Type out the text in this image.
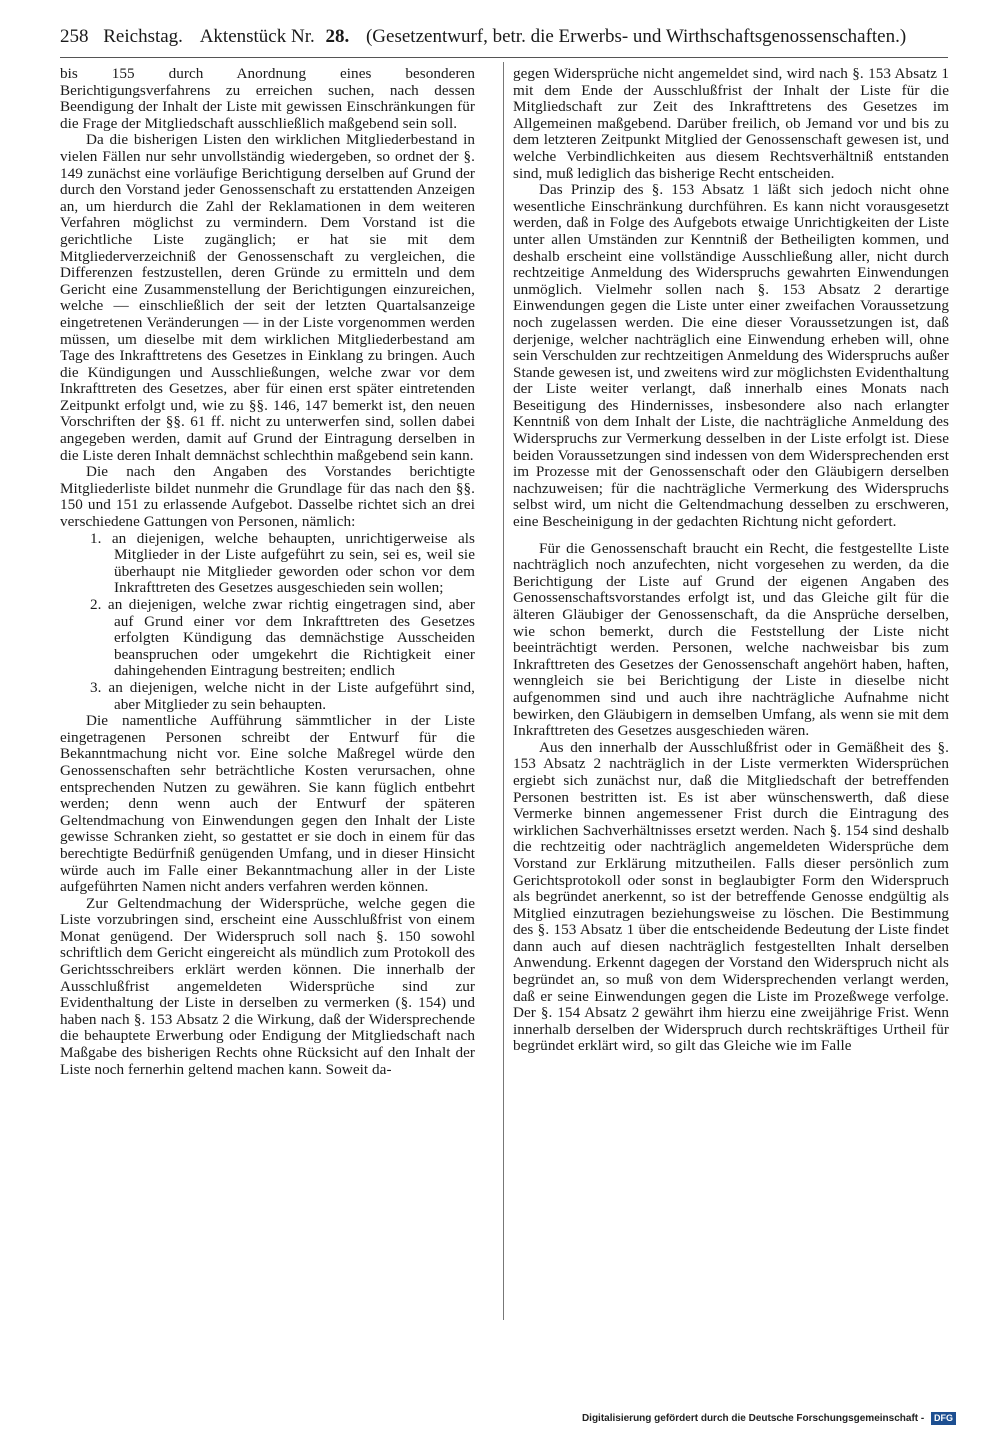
258 Reichstag. Aktenstück Nr. 28. (Gesetzentwurf, betr. die Erwerbs- und Wirthschaftsgenossenschaften.)

bis 155 durch Anordnung eines besonderen Berichtigungsverfahrens zu erreichen suchen, nach dessen Beendigung der Inhalt der Liste mit gewissen Einschränkungen für die Frage der Mitgliedschaft ausschließlich maßgebend sein soll.

Da die bisherigen Listen den wirklichen Mitgliederbestand in vielen Fällen nur sehr unvollständig wiedergeben, so ordnet der §. 149 zunächst eine vorläufige Berichtigung derselben auf Grund der durch den Vorstand jeder Genossenschaft zu erstattenden Anzeigen an, um hierdurch die Zahl der Reklamationen in dem weiteren Verfahren möglichst zu vermindern. Dem Vorstand ist die gerichtliche Liste zugänglich; er hat sie mit dem Mitgliederverzeichniß der Genossenschaft zu vergleichen, die Differenzen festzustellen, deren Gründe zu ermitteln und dem Gericht eine Zusammenstellung der Berichtigungen einzureichen, welche — einschließlich der seit der letzten Quartalsanzeige eingetretenen Veränderungen — in der Liste vorgenommen werden müssen, um dieselbe mit dem wirklichen Mitgliederbestand am Tage des Inkrafttretens des Gesetzes in Einklang zu bringen. Auch die Kündigungen und Ausschließungen, welche zwar vor dem Inkrafttreten des Gesetzes, aber für einen erst später eintretenden Zeitpunkt erfolgt und, wie zu §§. 146, 147 bemerkt ist, den neuen Vorschriften der §§. 61 ff. nicht zu unterwerfen sind, sollen dabei angegeben werden, damit auf Grund der Eintragung derselben in die Liste deren Inhalt demnächst schlechthin maßgebend sein kann.

Die nach den Angaben des Vorstandes berichtigte Mitgliederliste bildet nunmehr die Grundlage für das nach den §§. 150 und 151 zu erlassende Aufgebot. Dasselbe richtet sich an drei verschiedene Gattungen von Personen, nämlich:

1. an diejenigen, welche behaupten, unrichtigerweise als Mitglieder in der Liste aufgeführt zu sein, sei es, weil sie überhaupt nie Mitglieder geworden oder schon vor dem Inkrafttreten des Gesetzes ausgeschieden sein wollen;

2. an diejenigen, welche zwar richtig eingetragen sind, aber auf Grund einer vor dem Inkrafttreten des Gesetzes erfolgten Kündigung das demnächstige Ausscheiden beanspruchen oder umgekehrt die Richtigkeit einer dahingehenden Eintragung bestreiten; endlich

3. an diejenigen, welche nicht in der Liste aufgeführt sind, aber Mitglieder zu sein behaupten.

Die namentliche Aufführung sämmtlicher in der Liste eingetragenen Personen schreibt der Entwurf für die Bekanntmachung nicht vor. Eine solche Maßregel würde den Genossenschaften sehr beträchtliche Kosten verursachen, ohne entsprechenden Nutzen zu gewähren. Sie kann füglich entbehrt werden; denn wenn auch der Entwurf der späteren Geltendmachung von Einwendungen gegen den Inhalt der Liste gewisse Schranken zieht, so gestattet er sie doch in einem für das berechtigte Bedürfniß genügenden Umfang, und in dieser Hinsicht würde auch im Falle einer Bekanntmachung aller in der Liste aufgeführten Namen nicht anders verfahren werden können.

Zur Geltendmachung der Widersprüche, welche gegen die Liste vorzubringen sind, erscheint eine Ausschlußfrist von einem Monat genügend. Der Widerspruch soll nach §. 150 sowohl schriftlich dem Gericht eingereicht als mündlich zum Protokoll des Gerichtsschreibers erklärt werden können. Die innerhalb der Ausschlußfrist angemeldeten Widersprüche sind zur Evidenthaltung der Liste in derselben zu vermerken (§. 154) und haben nach §. 153 Absatz 2 die Wirkung, daß der Widersprechende die behauptete Erwerbung oder Endigung der Mitgliedschaft nach Maßgabe des bisherigen Rechts ohne Rücksicht auf den Inhalt der Liste noch fernerhin geltend machen kann. Soweit da-

gegen Widersprüche nicht angemeldet sind, wird nach §. 153 Absatz 1 mit dem Ende der Ausschlußfrist der Inhalt der Liste für die Mitgliedschaft zur Zeit des Inkrafttretens des Gesetzes im Allgemeinen maßgebend. Darüber freilich, ob Jemand vor und bis zu dem letzteren Zeitpunkt Mitglied der Genossenschaft gewesen ist, und welche Verbindlichkeiten aus diesem Rechtsverhältniß entstanden sind, muß lediglich das bisherige Recht entscheiden.

Das Prinzip des §. 153 Absatz 1 läßt sich jedoch nicht ohne wesentliche Einschränkung durchführen. Es kann nicht vorausgesetzt werden, daß in Folge des Aufgebots etwaige Unrichtigkeiten der Liste unter allen Umständen zur Kenntniß der Betheiligten kommen, und deshalb erscheint eine vollständige Ausschließung aller, nicht durch rechtzeitige Anmeldung des Widerspruchs gewahrten Einwendungen unmöglich. Vielmehr sollen nach §. 153 Absatz 2 derartige Einwendungen gegen die Liste unter einer zweifachen Voraussetzung noch zugelassen werden. Die eine dieser Voraussetzungen ist, daß derjenige, welcher nachträglich eine Einwendung erheben will, ohne sein Verschulden zur rechtzeitigen Anmeldung des Widerspruchs außer Stande gewesen ist, und zweitens wird zur möglichsten Evidenthaltung der Liste weiter verlangt, daß innerhalb eines Monats nach Beseitigung des Hindernisses, insbesondere also nach erlangter Kenntniß von dem Inhalt der Liste, die nachträgliche Anmeldung des Widerspruchs zur Vermerkung desselben in der Liste erfolgt ist. Diese beiden Voraussetzungen sind indessen von dem Widersprechenden erst im Prozesse mit der Genossenschaft oder den Gläubigern derselben nachzuweisen; für die nachträgliche Vermerkung des Widerspruchs selbst wird, um nicht die Geltendmachung desselben zu erschweren, eine Bescheinigung in der gedachten Richtung nicht gefordert.

Für die Genossenschaft braucht ein Recht, die festgestellte Liste nachträglich noch anzufechten, nicht vorgesehen zu werden, da die Berichtigung der Liste auf Grund der eigenen Angaben des Genossenschaftsvorstandes erfolgt ist, und das Gleiche gilt für die älteren Gläubiger der Genossenschaft, da die Ansprüche derselben, wie schon bemerkt, durch die Feststellung der Liste nicht beeinträchtigt werden. Personen, welche nachweisbar bis zum Inkrafttreten des Gesetzes der Genossenschaft angehört haben, haften, wenngleich sie bei Berichtigung der Liste in dieselbe nicht aufgenommen sind und auch ihre nachträgliche Aufnahme nicht bewirken, den Gläubigern in demselben Umfang, als wenn sie mit dem Inkrafttreten des Gesetzes ausgeschieden wären.

Aus den innerhalb der Ausschlußfrist oder in Gemäßheit des §. 153 Absatz 2 nachträglich in der Liste vermerkten Widersprüchen ergiebt sich zunächst nur, daß die Mitgliedschaft der betreffenden Personen bestritten ist. Es ist aber wünschenswerth, daß diese Vermerke binnen angemessener Frist durch die Eintragung des wirklichen Sachverhältnisses ersetzt werden. Nach §. 154 sind deshalb die rechtzeitig oder nachträglich angemeldeten Widersprüche dem Vorstand zur Erklärung mitzutheilen. Falls dieser persönlich zum Gerichtsprotokoll oder sonst in beglaubigter Form den Widerspruch als begründet anerkennt, so ist der betreffende Genosse endgültig als Mitglied einzutragen beziehungsweise zu löschen. Die Bestimmung des §. 153 Absatz 1 über die entscheidende Bedeutung der Liste findet dann auch auf diesen nachträglich festgestellten Inhalt derselben Anwendung. Erkennt dagegen der Vorstand den Widerspruch nicht als begründet an, so muß von dem Widersprechenden verlangt werden, daß er seine Einwendungen gegen die Liste im Prozeßwege verfolge. Der §. 154 Absatz 2 gewährt ihm hierzu eine zweijährige Frist. Wenn innerhalb derselben der Widerspruch durch rechtskräftiges Urtheil für begründet erklärt wird, so gilt das Gleiche wie im Falle

Digitalisierung gefördert durch die Deutsche Forschungsgemeinschaft - DFG
